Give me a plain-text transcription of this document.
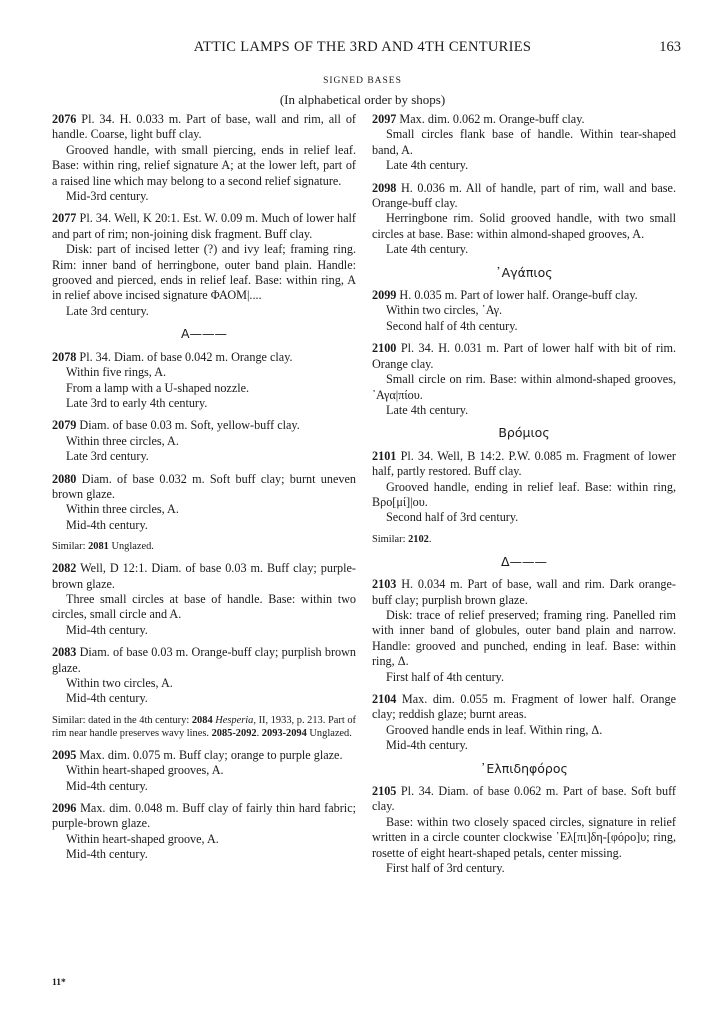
ATTIC LAMPS OF THE 3RD AND 4TH CENTURIES	163
SIGNED BASES
(In alphabetical order by shops)

2076 Pl. 34. H. 0.033 m. Part of base, wall and rim, all of handle. Coarse, light buff clay.

Grooved handle, with small piercing, ends in relief leaf. Base: within ring, relief signature A; at the lower left, part of a raised line which may belong to a second relief signature.

Mid-3rd century.

2077 Pl. 34. Well, K 20:1. Est. W. 0.09 m. Much of lower half and part of rim; non-joining disk fragment. Buff clay.

Disk: part of incised letter (?) and ivy leaf; framing ring. Rim: inner band of herringbone, outer band plain. Handle: grooved and pierced, ends in relief leaf. Base: within ring, A in relief above incised signature ΦΑΟΜ|....

Late 3rd century.

A———

2078 Pl. 34. Diam. of base 0.042 m. Orange clay.

Within five rings, A.

From a lamp with a U-shaped nozzle.

Late 3rd to early 4th century.

2079 Diam. of base 0.03 m. Soft, yellow-buff clay.

Within three circles, A.

Late 3rd century.

2080 Diam. of base 0.032 m. Soft buff clay; burnt uneven brown glaze.

Within three circles, A.

Mid-4th century.

Similar: 2081 Unglazed.

2082 Well, D 12:1. Diam. of base 0.03 m. Buff clay; purple-brown glaze.

Three small circles at base of handle. Base: within two circles, small circle and A.

Mid-4th century.

2083 Diam. of base 0.03 m. Orange-buff clay; purplish brown glaze.

Within two circles, A.

Mid-4th century.

Similar: dated in the 4th century: 2084 Hesperia, II, 1933, p. 213. Part of rim near handle preserves wavy lines. 2085-2092. 2093-2094 Unglazed.

2095 Max. dim. 0.075 m. Buff clay; orange to purple glaze.

Within heart-shaped grooves, A.

Mid-4th century.

2096 Max. dim. 0.048 m. Buff clay of fairly thin hard fabric; purple-brown glaze.

Within heart-shaped groove, A.

Mid-4th century.

2097 Max. dim. 0.062 m. Orange-buff clay.

Small circles flank base of handle. Within tear-shaped band, A.

Late 4th century.

2098 H. 0.036 m. All of handle, part of rim, wall and base. Orange-buff clay.

Herringbone rim. Solid grooved handle, with two small circles at base. Base: within almond-shaped grooves, A.

Late 4th century.

᾽Αγάπιος

2099 H. 0.035 m. Part of lower half. Orange-buff clay.

Within two circles, ᾽Αγ.

Second half of 4th century.

2100 Pl. 34. H. 0.031 m. Part of lower half with bit of rim. Orange clay.

Small circle on rim. Base: within almond-shaped grooves, ᾽Αγα|πίου.

Late 4th century.

Βρόμιος

2101 Pl. 34. Well, B 14:2. P.W. 0.085 m. Fragment of lower half, partly restored. Buff clay.

Grooved handle, ending in relief leaf. Base: within ring, Βρο[μί]|ου.

Second half of 3rd century.

Similar: 2102.
Δ———

2103 H. 0.034 m. Part of base, wall and rim. Dark orange-buff clay; purplish brown glaze.

Disk: trace of relief preserved; framing ring. Panelled rim with inner band of globules, outer band plain and narrow. Handle: grooved and punched, ending in leaf. Base: within ring, Δ.

First half of 4th century.

2104 Max. dim. 0.055 m. Fragment of lower half. Orange clay; reddish glaze; burnt areas.

Grooved handle ends in leaf. Within ring, Δ.

Mid-4th century.

᾽Ελπιδηφόρος

2105 Pl. 34. Diam. of base 0.062 m. Part of base. Soft buff clay.

Base: within two closely spaced circles, signature in relief written in a circle counter clockwise ᾽Ελ[πι]δη-[φόρο]υ; ring, rosette of eight heart-shaped petals, center missing.

First half of 3rd century.

11*
